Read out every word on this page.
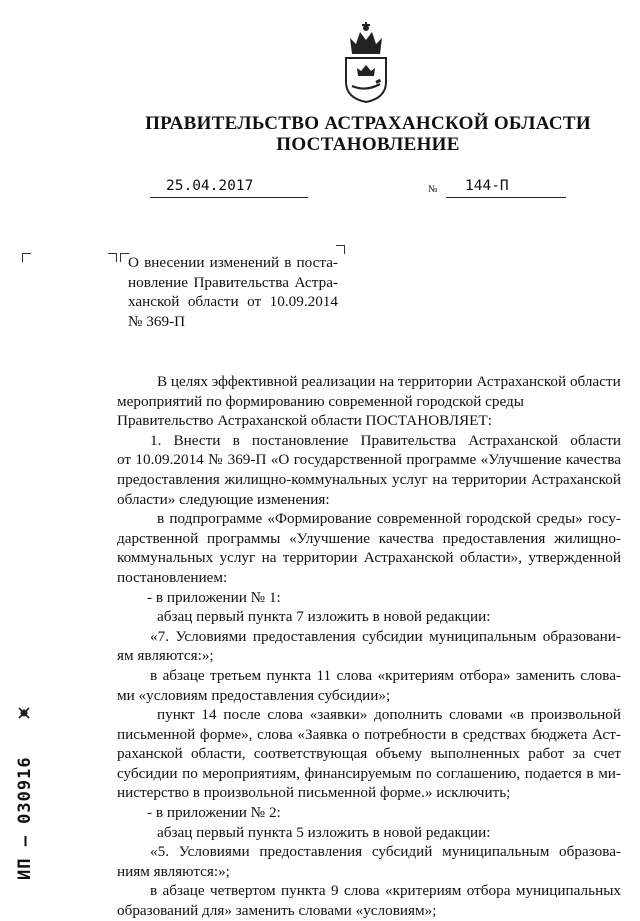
ПРАВИТЕЛЬСТВО АСТРАХАНСКОЙ ОБЛАСТИ
ПОСТАНОВЛЕНИЕ
25.04.2017	№ 144-П
О внесении изменений в поста-
новление Правительства Астра-
ханской области от 10.09.2014
№ 369-П
В целях эффективной реализации на территории Астраханской области
мероприятий по формированию современной городской среды
Правительство Астраханской области ПОСТАНОВЛЯЕТ:
1. Внести в постановление Правительства Астраханской области
от 10.09.2014 № 369-П «О государственной программе «Улучшение качества
предоставления жилищно-коммунальных услуг на территории Астраханской
области» следующие изменения:
в подпрограмме «Формирование современной городской среды» госу-
дарственной программы «Улучшение качества предоставления жилищно-
коммунальных услуг на территории Астраханской области», утвержденной
постановлением:
- в приложении № 1:
абзац первый пункта 7 изложить в новой редакции:
«7. Условиями предоставления субсидии муниципальным образовани-
ям являются:»;
в абзаце третьем пункта 11 слова «критериям отбора» заменить слова-
ми «условиям предоставления субсидии»;
пункт 14 после слова «заявки» дополнить словами «в произвольной
письменной форме», слова «Заявка о потребности в средствах бюджета Аст-
раханской области, соответствующая объему выполненных работ за счет
субсидии по мероприятиям, финансируемым по соглашению, подается в ми-
нистерство в произвольной письменной форме.» исключить;
- в приложении № 2:
абзац первый пункта 5 изложить в новой редакции:
«5. Условиями предоставления субсидий муниципальным образова-
ниям являются:»;
в абзаце четвертом пункта 9 слова «критериям отбора муниципальных
образований для» заменить словами «условиям»;
ИП – 030916
